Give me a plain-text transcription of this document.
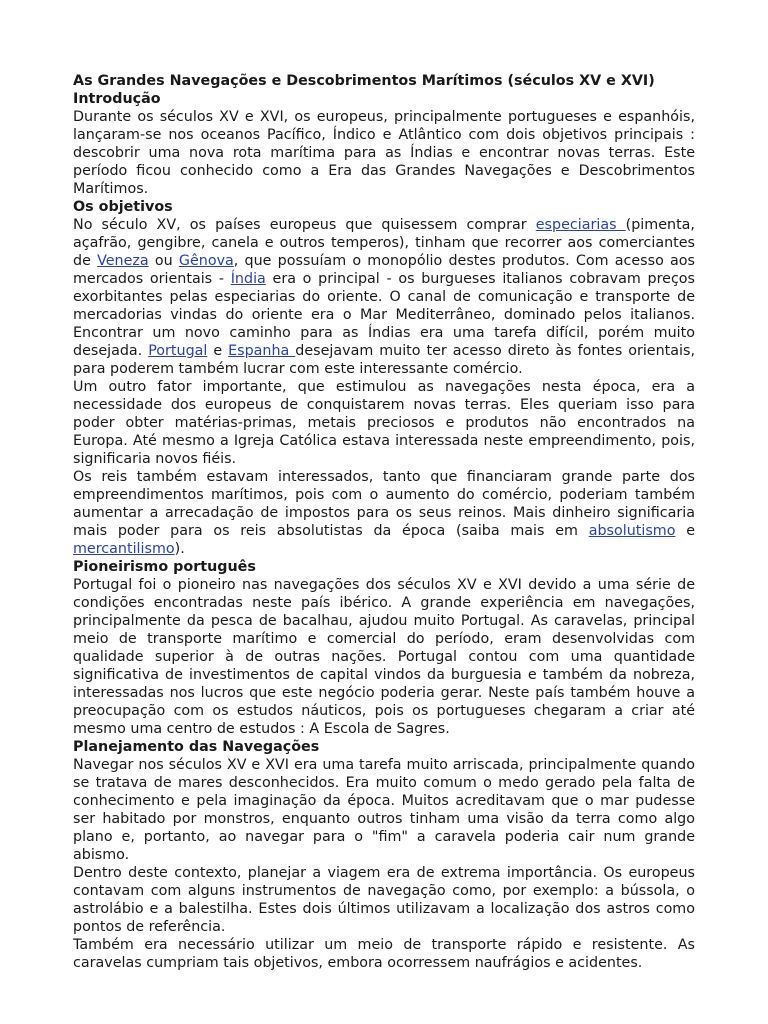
As Grandes Navegações e Descobrimentos Marítimos (séculos XV e XVI)

Introdução

Durante os séculos XV e XVI, os europeus, principalmente portugueses e espanhóis, lançaram-se nos oceanos Pacífico, Índico e Atlântico com dois objetivos principais : descobrir uma nova rota marítima para as Índias e encontrar novas terras. Este período ficou conhecido como a Era das Grandes Navegações e Descobrimentos Marítimos.

Os objetivos

No século XV, os países europeus que quisessem comprar especiarias (pimenta, açafrão, gengibre, canela e outros temperos), tinham que recorrer aos comerciantes de Veneza ou Gênova, que possuíam o monopólio destes produtos. Com acesso aos mercados orientais - Índia era o principal - os burgueses italianos cobravam preços exorbitantes pelas especiarias do oriente. O canal de comunicação e transporte de mercadorias vindas do oriente era o Mar Mediterrâneo, dominado pelos italianos. Encontrar um novo caminho para as Índias era uma tarefa difícil, porém muito desejada. Portugal e Espanha desejavam muito ter acesso direto às fontes orientais, para poderem também lucrar com este interessante comércio.

Um outro fator importante, que estimulou as navegações nesta época, era a necessidade dos europeus de conquistarem novas terras. Eles queriam isso para poder obter matérias-primas, metais preciosos e produtos não encontrados na Europa. Até mesmo a Igreja Católica estava interessada neste empreendimento, pois, significaria novos fiéis.

Os reis também estavam interessados, tanto que financiaram grande parte dos empreendimentos marítimos, pois com o aumento do comércio, poderiam também aumentar a arrecadação de impostos para os seus reinos. Mais dinheiro significaria mais poder para os reis absolutistas da época (saiba mais em absolutismo e mercantilismo).

Pioneirismo português

Portugal foi o pioneiro nas navegações dos séculos XV e XVI devido a uma série de condições encontradas neste país ibérico. A grande experiência em navegações, principalmente da pesca de bacalhau, ajudou muito Portugal. As caravelas, principal meio de transporte marítimo e comercial do período, eram desenvolvidas com qualidade superior à de outras nações. Portugal contou com uma quantidade significativa de investimentos de capital vindos da burguesia e também da nobreza, interessadas nos lucros que este negócio poderia gerar. Neste país também houve a preocupação com os estudos náuticos, pois os portugueses chegaram a criar até mesmo uma centro de estudos : A Escola de Sagres.

Planejamento das Navegações

Navegar nos séculos XV e XVI era uma tarefa muito arriscada, principalmente quando se tratava de mares desconhecidos. Era muito comum o medo gerado pela falta de conhecimento e pela imaginação da época. Muitos acreditavam que o mar pudesse ser habitado por monstros, enquanto outros tinham uma visão da terra como algo plano e, portanto, ao navegar para o "fim" a caravela poderia cair num grande abismo.

Dentro deste contexto, planejar a viagem era de extrema importância. Os europeus contavam com alguns instrumentos de navegação como, por exemplo: a bússola, o astrolábio e a balestilha. Estes dois últimos utilizavam a localização dos astros como pontos de referência.

Também era necessário utilizar um meio de transporte rápido e resistente. As caravelas cumpriam tais objetivos, embora ocorressem naufrágios e acidentes.
